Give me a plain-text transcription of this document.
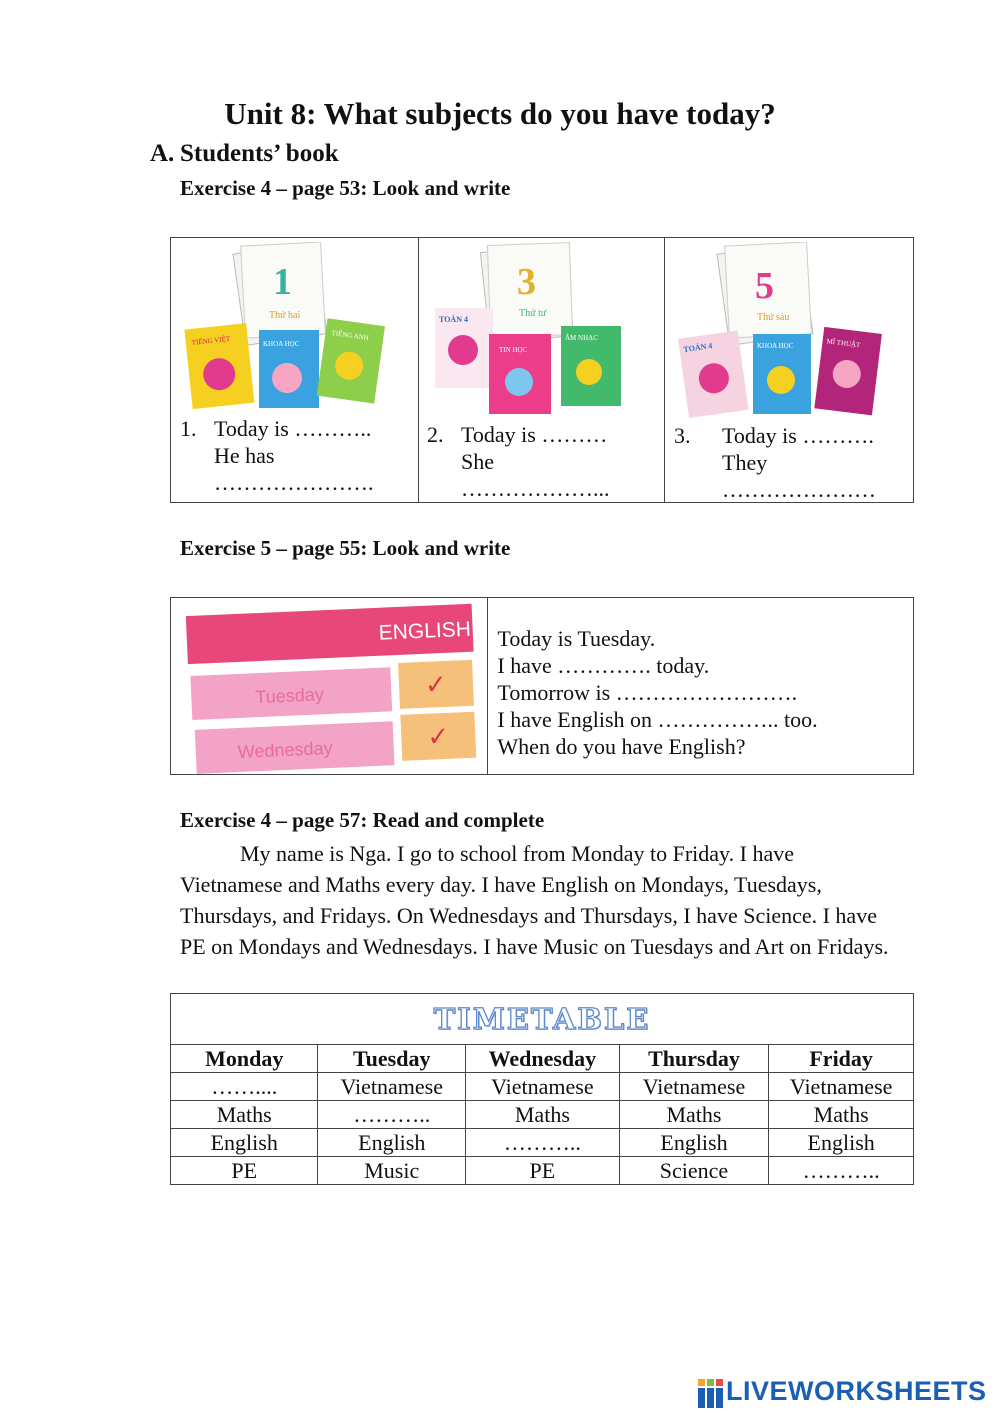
Unit 8: What subjects do you have today?
A. Students’ book
Exercise 4 – page 53: Look and write
1
Thứ hai
TIẾNG VIỆT	KHOA HỌC
TIẾNG ANH
1. Today is ………..
He has
………………….

3
Thứ tư
TOÁN 4
TIN HỌC
ÂM NHẠC
2. Today is ………
She
………………...

5
Thứ sáu
TOÁN 4	KHOA HỌC	MĨ THUẬT
3. Today is ……….
They
…………………
Exercise 5 – page 55: Look and write
ENGLISH
Tuesday	✓
Wednesday	✓

Today is Tuesday.
I have …………. today.
Tomorrow is …………………….
I have English on …………….. too.
When do you have English?
Exercise 4 – page 57: Read and complete

My name is Nga. I go to school from Monday to Friday. I have Vietnamese and Maths every day. I have English on Mondays, Tuesdays, Thursdays, and Fridays. On Wednesdays and Thursdays, I have Science. I have PE on Mondays and Wednesdays. I have Music on Tuesdays and Art on Fridays.

TIMETABLE				
Monday	Tuesday	Wednesday	Thursday	Friday
……....	Vietnamese	Vietnamese	Vietnamese	Vietnamese
Maths	………..	Maths	Maths	Maths
English	English	………..	English	English
PE	Music	PE	Science	………..
LIVEWORKSHEETS
